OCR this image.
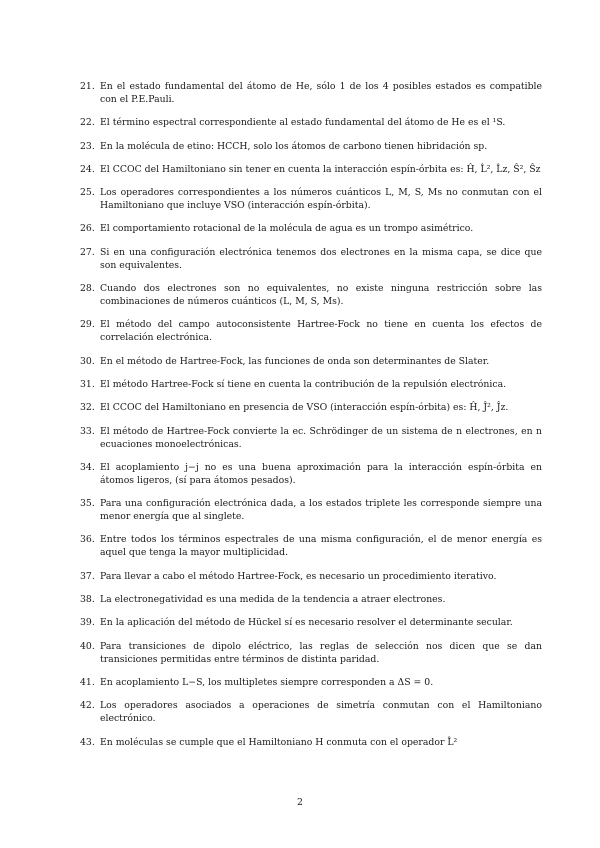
21. En el estado fundamental del átomo de He, sólo 1 de los 4 posibles estados es compatible con el P.E.Pauli.
22. El término espectral correspondiente al estado fundamental del átomo de He es el ¹S.
23. En la molécula de etino: HCCH, solo los átomos de carbono tienen hibridación sp.
24. El CCOC del Hamiltoniano sin tener en cuenta la interacción espín-órbita es: Ĥ, L̂², L̂z, Ŝ², Ŝz
25. Los operadores correspondientes a los números cuánticos L, M, S, Ms no conmutan con el Hamiltoniano que incluye VSO (interacción espín-órbita).
26. El comportamiento rotacional de la molécula de agua es un trompo asimétrico.
27. Si en una configuración electrónica tenemos dos electrones en la misma capa, se dice que son equivalentes.
28. Cuando dos electrones son no equivalentes, no existe ninguna restricción sobre las combinaciones de números cuánticos (L, M, S, Ms).
29. El método del campo autoconsistente Hartree-Fock no tiene en cuenta los efectos de correlación electrónica.
30. En el método de Hartree-Fock, las funciones de onda son determinantes de Slater.
31. El método Hartree-Fock sí tiene en cuenta la contribución de la repulsión electrónica.
32. El CCOC del Hamiltoniano en presencia de VSO (interacción espín-órbita) es: Ĥ, Ĵ², Ĵz.
33. El método de Hartree-Fock convierte la ec. Schrödinger de un sistema de n electrones, en n ecuaciones monoelectrónicas.
34. El acoplamiento j−j no es una buena aproximación para la interacción espín-órbita en átomos ligeros, (sí para átomos pesados).
35. Para una configuración electrónica dada, a los estados triplete les corresponde siempre una menor energía que al singlete.
36. Entre todos los términos espectrales de una misma configuración, el de menor energía es aquel que tenga la mayor multiplicidad.
37. Para llevar a cabo el método Hartree-Fock, es necesario un procedimiento iterativo.
38. La electronegatividad es una medida de la tendencia a atraer electrones.
39. En la aplicación del método de Hückel sí es necesario resolver el determinante secular.
40. Para transiciones de dipolo eléctrico, las reglas de selección nos dicen que se dan transiciones permitidas entre términos de distinta paridad.
41. En acoplamiento L−S, los multipletes siempre corresponden a ΔS = 0.
42. Los operadores asociados a operaciones de simetría conmutan con el Hamiltoniano electrónico.
43. En moléculas se cumple que el Hamiltoniano H conmuta con el operador L̂²
2
